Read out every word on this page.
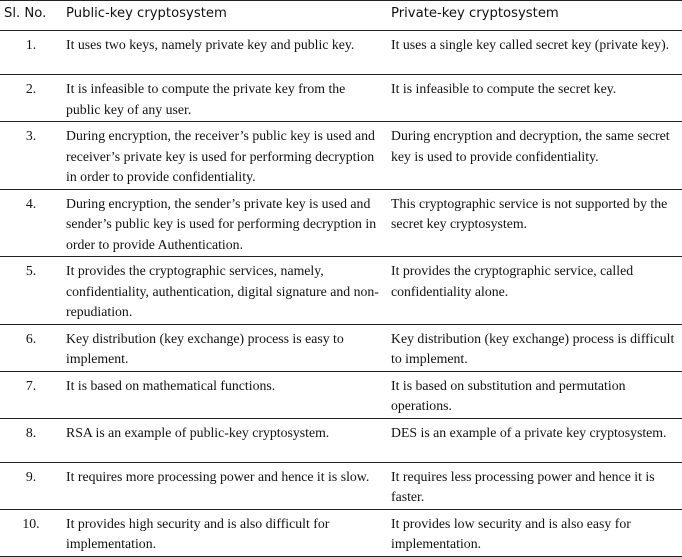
Sl. No.	Public-key cryptosystem	Private-key cryptosystem
1.	It uses two keys, namely private key and public key.	It uses a single key called secret key (private key).
2.	It is infeasible to compute the private key from the public key of any user.	It is infeasible to compute the secret key.
3.	During encryption, the receiver’s public key is used and receiver’s private key is used for performing decryption in order to provide confidentiality.	During encryption and decryption, the same secret key is used to provide confidentiality.
4.	During encryption, the sender’s private key is used and sender’s public key is used for performing decryption in order to provide Authentication.	This cryptographic service is not supported by the secret key cryptosystem.
5.	It provides the cryptographic services, namely, confidentiality, authentication, digital signature and non-repudiation.	It provides the cryptographic service, called confidentiality alone.
6.	Key distribution (key exchange) process is easy to implement.	Key distribution (key exchange) process is difficult to implement.
7.	It is based on mathematical functions.	It is based on substitution and permutation operations.
8.	RSA is an example of public-key cryptosystem.	DES is an example of a private key cryptosystem.
9.	It requires more processing power and hence it is slow.	It requires less processing power and hence it is faster.
10.	It provides high security and is also difficult for implementation.	It provides low security and is also easy for implementation.
